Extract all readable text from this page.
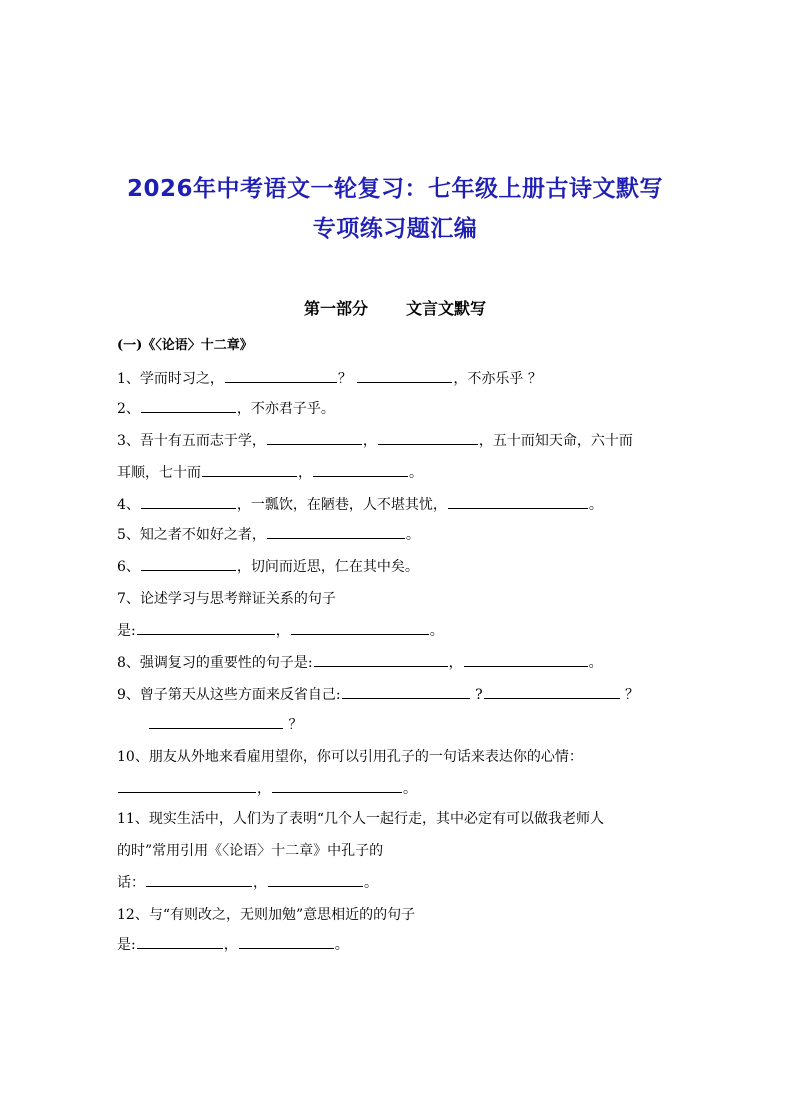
2026年中考语文一轮复习：七年级上册古诗文默写
专项练习题汇编
第一部分 文言文默写
(一)《〈论语〉十二章》
1、学而时习之，	？	，不亦乐乎 ？
2、	，不亦君子乎。
3、吾十有五而志于学，	，	，五十而知天命，六十而
耳顺，七十而	，	。
4、	，一瓢饮，在陋巷，人不堪其忧，	。
5、知之者不如好之者，	。
6、	，切问而近思，仁在其中矣。
7、论述学习与思考辩证关系的句子
是:	，	。
8、强调复习的重要性的句子是:	，	。
9、曾子第天从这些方面来反省自己:	?	？
？
10、朋友从外地来看雇用望你，你可以引用孔子的一句话来表达你的心情：
，	。
11、现实生活中，人们为了表明“几个人一起行走，其中必定有可以做我老师人
的时”常用引用《〈论语〉十二章》中孔子的
话：	，	。
12、与“有则改之，无则加勉”意思相近的的句子
是:	，	。
